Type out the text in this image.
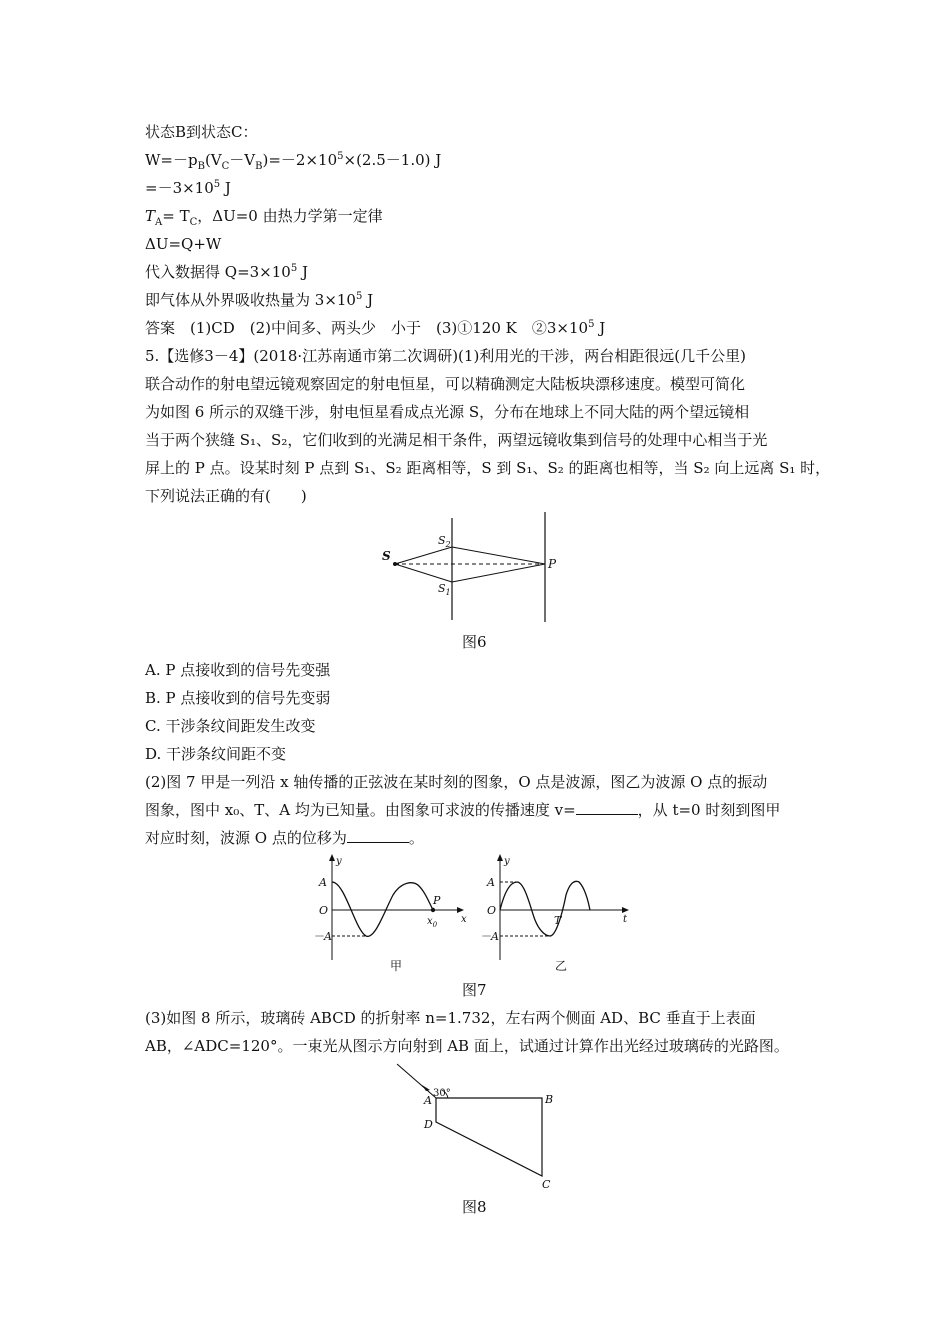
状态B到状态C：
$W=-p_B(V_C-V_B)=-2\times 10^5\times(2.5-1.0)$ J
$=-3\times 10^5$ J
$T_A= T_C$，ΔU=0 由热力学第一定律
ΔU=Q+W
代入数据得 $Q=3\times 10^5$ J
即气体从外界吸收热量为 $3\times 10^5$ J
答案　(1)CD　(2)中间多、两头少　小于　(3)①120 K　$②3\times 10^5$ J
5.【选修3－4】(2018·江苏南通市第二次调研)(1)利用光的干涉，两台相距很远(几千公里)
联合动作的射电望远镜观察固定的射电恒星，可以精确测定大陆板块漂移速度。模型可简化
为如图 6 所示的双缝干涉，射电恒星看成点光源 S，分布在地球上不同大陆的两个望远镜相
当于两个狭缝 S₁、S₂，它们收到的光满足相干条件，两望远镜收集到信号的处理中心相当于光
屏上的 P 点。设某时刻 P 点到 S₁、S₂ 距离相等，S 到 S₁、S₂ 的距离也相等，当 S₂ 向上远离 S₁ 时，
下列说法正确的有(　　)
S
$S_2$
$S_1$
P
图6
A. P 点接收到的信号先变强
B. P 点接收到的信号先变弱
C. 干涉条纹间距发生改变
D. 干涉条纹间距不变
(2)图 7 甲是一列沿 x 轴传播的正弦波在某时刻的图象，O 点是波源，图乙为波源 O 点的振动
图象，图中 x₀、T、A 均为已知量。由图象可求波的传播速度 v=	，从 t=0 时刻到图甲
对应时刻，波源 O 点的位移为	。
y
A
O
－A
P
$x_0$ x
甲
y
A
O
－A
T	t
乙
图7
(3)如图 8 所示，玻璃砖 ABCD 的折射率 n=1.732，左右两个侧面 AD、BC 垂直于上表面
AB，∠ADC=120°。一束光从图示方向射到 AB 面上，试通过计算作出光经过玻璃砖的光路图。
30°
A	B
C
D
图8
